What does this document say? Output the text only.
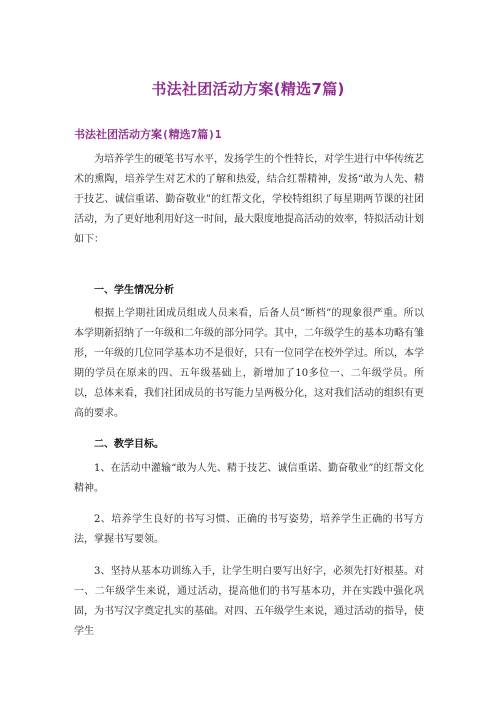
书法社团活动方案(精选7篇)
书法社团活动方案(精选7篇)1

为培养学生的硬笔书写水平，发扬学生的个性特长，对学生进行中华传统艺术的熏陶，培养学生对艺术的了解和热爱，结合红帮精神，发扬“敢为人先、精于技艺、诚信重诺、勤奋敬业”的红帮文化，学校特组织了每星期两节课的社团活动，为了更好地利用好这一时间，最大限度地提高活动的效率，特拟活动计划如下：

一、学生情况分析

根据上学期社团成员组成人员来看，后备人员“断档”的现象很严重。所以本学期新招纳了一年级和二年级的部分同学。其中，二年级学生的基本功略有雏形，一年级的几位同学基本功不是很好，只有一位同学在校外学过。所以，本学期的学员在原来的四、五年级基础上，新增加了10多位一、二年级学员。所以，总体来看，我们社团成员的书写能力呈两极分化，这对我们活动的组织有更高的要求。

二、教学目标。

1、在活动中灌输“敢为人先、精于技艺、诚信重诺、勤奋敬业”的红帮文化精神。

2、培养学生良好的书写习惯、正确的书写姿势，培养学生正确的书写方法，掌握书写要领。

3、坚持从基本功训练入手，让学生明白要写出好字，必须先打好根基。对一、二年级学生来说，通过活动，提高他们的书写基本功，并在实践中强化巩固，为书写汉字奠定扎实的基础。对四、五年级学生来说，通过活动的指导，使学生
